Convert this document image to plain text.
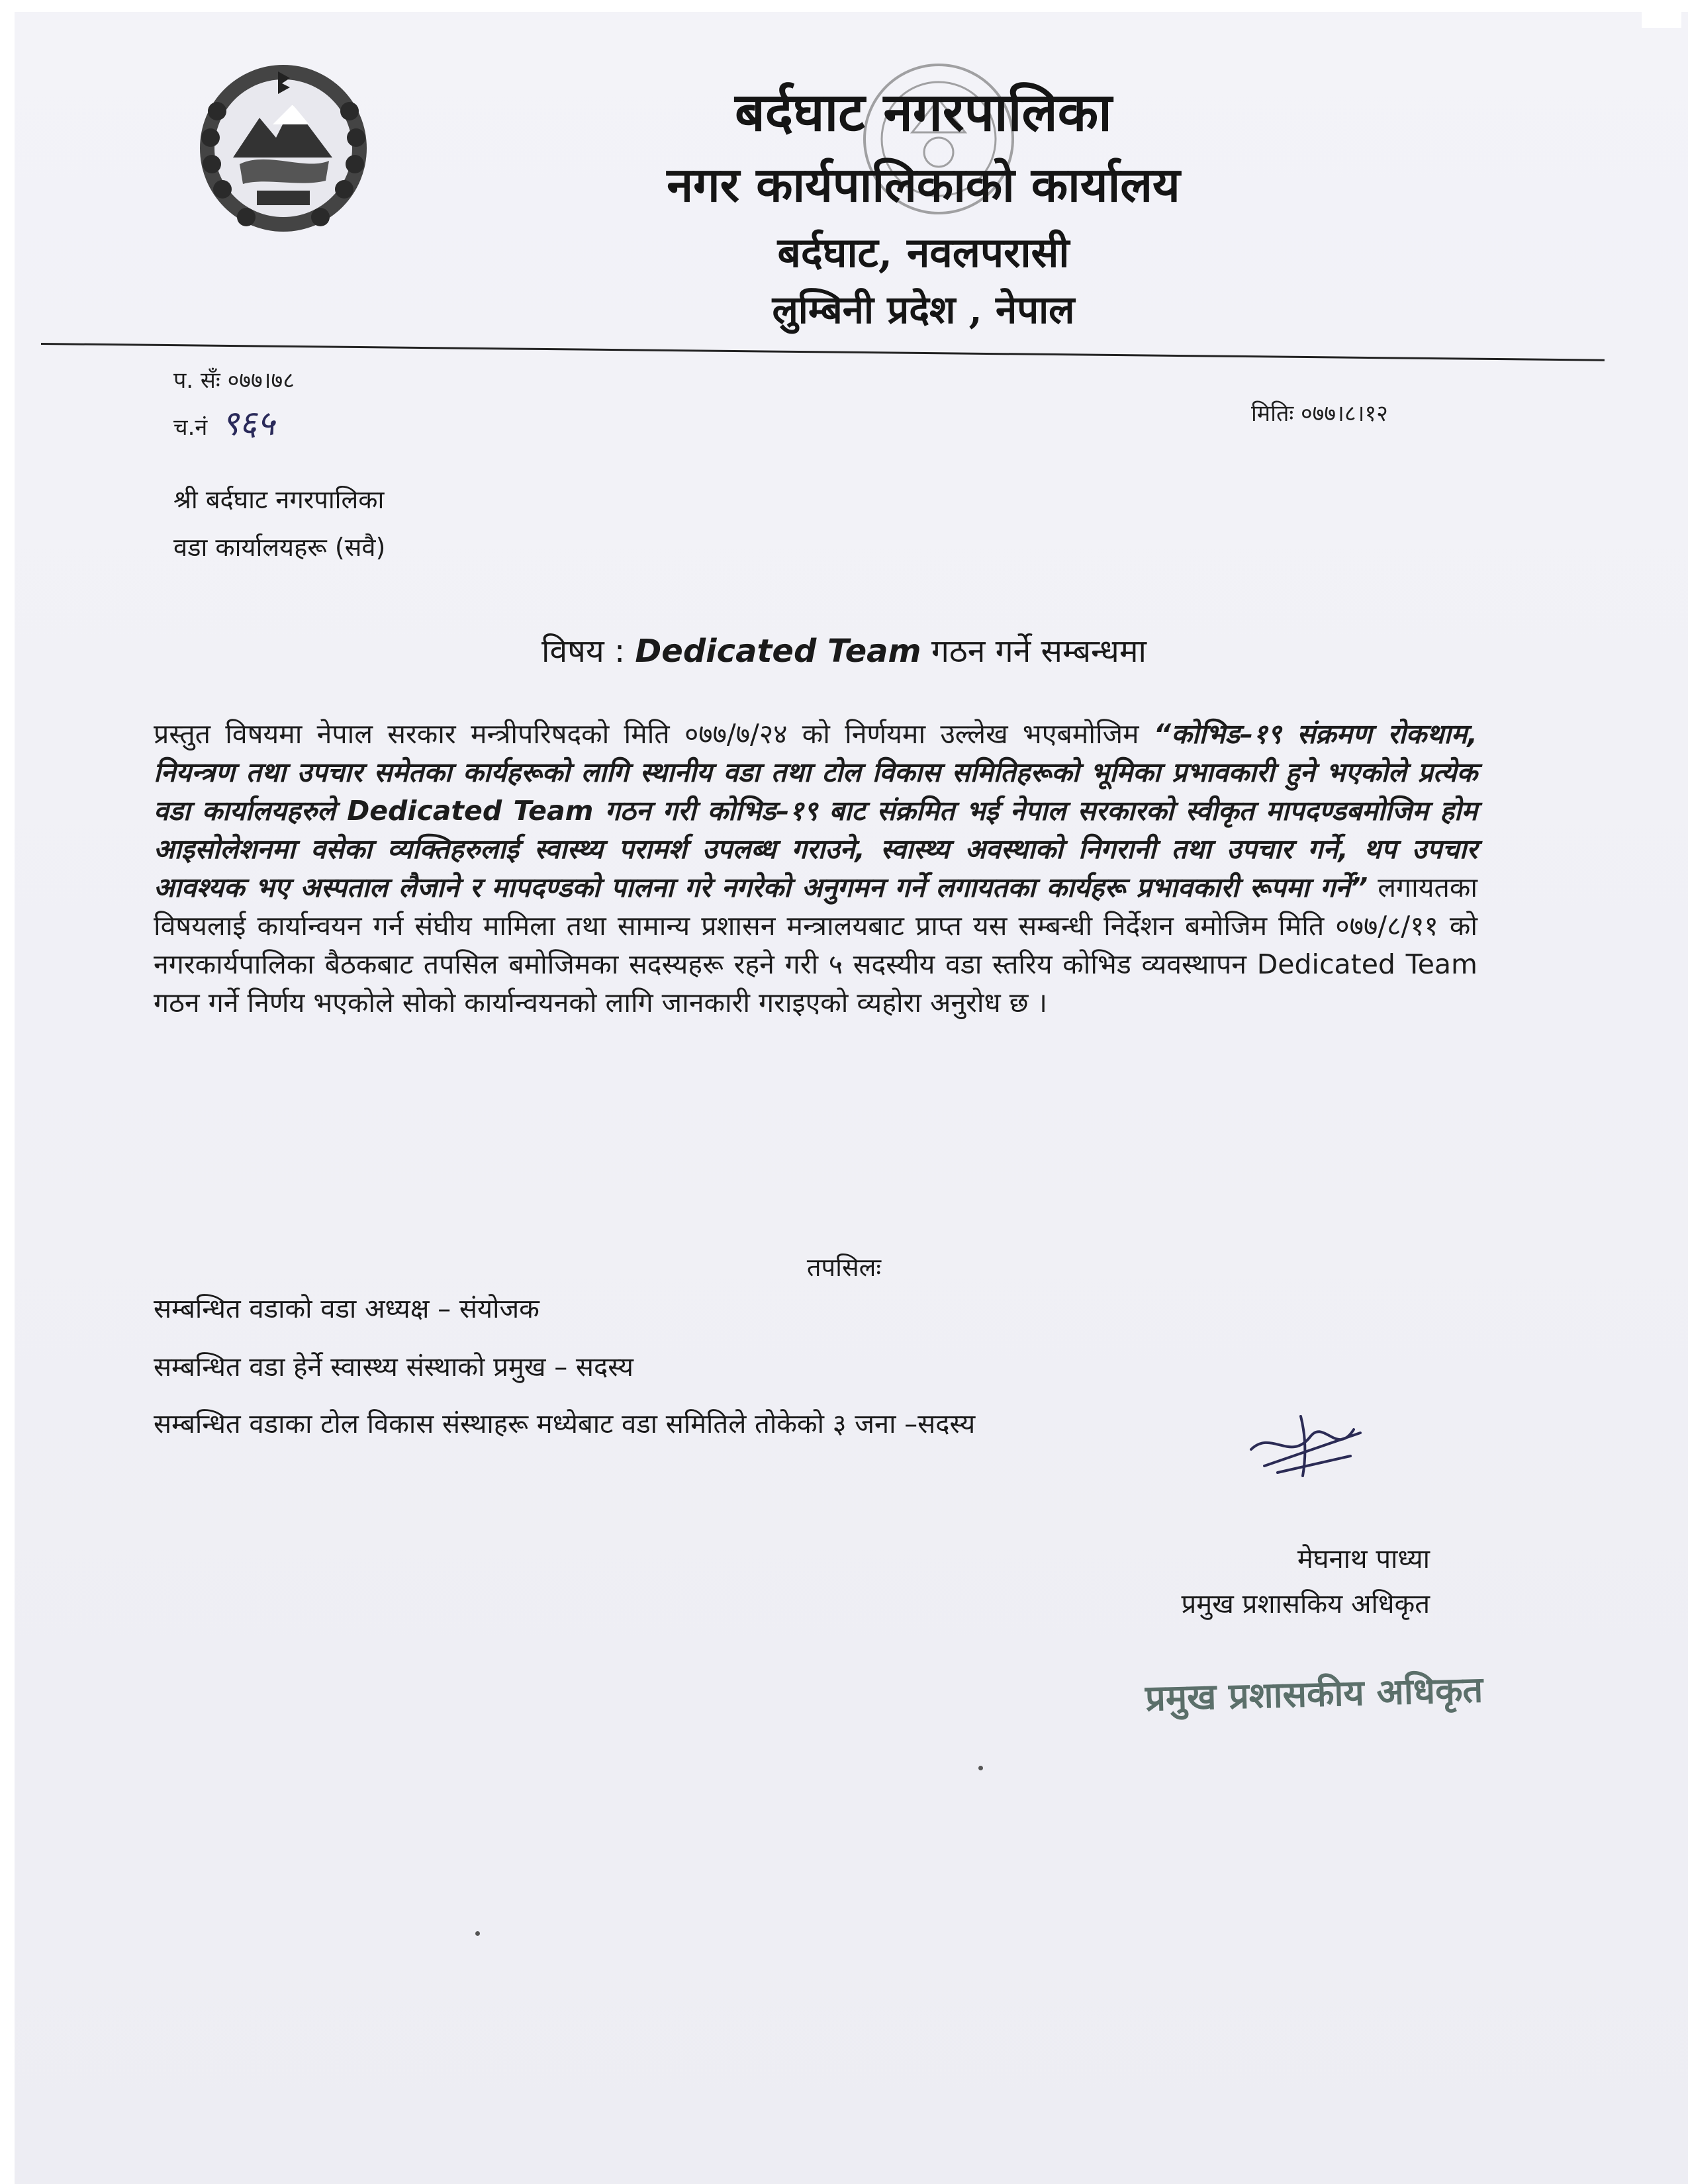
बर्दघाट नगरपालिका
नगर कार्यपालिकाको कार्यालय
बर्दघाट, नवलपरासी
लुम्बिनी प्रदेश , नेपाल
प. सँः ०७७।७८
च.नं ९६५	मितिः ०७७।८।१२
श्री बर्दघाट नगरपालिका
वडा कार्यालयहरू (सवै)
विषय : Dedicated Team गठन गर्ने सम्बन्धमा
प्रस्तुत विषयमा नेपाल सरकार मन्त्रीपरिषदको मिति ०७७/७/२४ को निर्णयमा उल्लेख भएबमोजिम “कोभिड–१९ संक्रमण रोकथाम, नियन्त्रण तथा उपचार समेतका कार्यहरूको लागि स्थानीय वडा तथा टोल विकास समितिहरूको भूमिका प्रभावकारी हुने भएकोले प्रत्येक वडा कार्यालयहरुले Dedicated Team गठन गरी कोभिड–१९ बाट संक्रमित भई नेपाल सरकारको स्वीकृत मापदण्डबमोजिम होम आइसोलेशनमा वसेका व्यक्तिहरुलाई स्वास्थ्य परामर्श उपलब्ध गराउने, स्वास्थ्य अवस्थाको निगरानी तथा उपचार गर्ने, थप उपचार आवश्यक भए अस्पताल लैजाने र मापदण्डको पालना गरे नगरेको अनुगमन गर्ने लगायतका कार्यहरू प्रभावकारी रूपमा गर्ने” लगायतका विषयलाई कार्यान्वयन गर्न संघीय मामिला तथा सामान्य प्रशासन मन्त्रालयबाट प्राप्त यस सम्बन्धी निर्देशन बमोजिम मिति ०७७/८/११ को नगरकार्यपालिका बैठकबाट तपसिल बमोजिमका सदस्यहरू रहने गरी ५ सदस्यीय वडा स्तरिय कोभिड व्यवस्थापन Dedicated Team गठन गर्ने निर्णय भएकोले सोको कार्यान्वयनको लागि जानकारी गराइएको व्यहोरा अनुरोध छ ।
तपसिलः
सम्बन्धित वडाको वडा अध्यक्ष – संयोजक
सम्बन्धित वडा हेर्ने स्वास्थ्य संस्थाको प्रमुख – सदस्य
सम्बन्धित वडाका टोल विकास संस्थाहरू मध्येबाट वडा समितिले तोकेको ३ जना –सदस्य
मेघनाथ पाध्या
प्रमुख प्रशासकिय अधिकृत
प्रमुख प्रशासकीय अधिकृत
